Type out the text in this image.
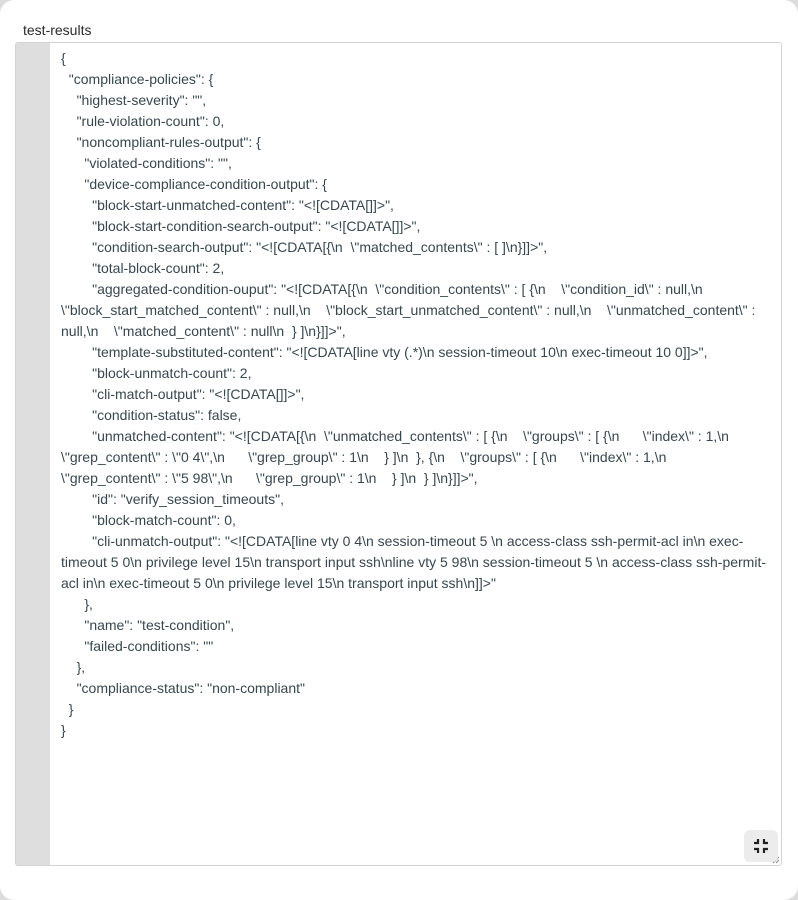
test-results
{
"compliance-policies": {
"highest-severity": "",
"rule-violation-count": 0,
"noncompliant-rules-output": {
"violated-conditions": "",
"device-compliance-condition-output": {
"block-start-unmatched-content": "<![CDATA[]]>",
"block-start-condition-search-output": "<![CDATA[]]>",
"condition-search-output": "<![CDATA[{\n  \"matched_contents\" : [ ]\n}]]>",
"total-block-count": 2,
"aggregated-condition-ouput": "<![CDATA[{\n  \"condition_contents\" : [ {\n    \"condition_id\" : null,\n    \"block_start_matched_content\" : null,\n    \"block_start_unmatched_content\" : null,\n    \"unmatched_content\" : null,\n    \"matched_content\" : null\n  } ]\n}]]>",
"template-substituted-content": "<![CDATA[line vty (.*)\n session-timeout 10\n exec-timeout 10 0]]>",
"block-unmatch-count": 2,
"cli-match-output": "<![CDATA[]]>",
"condition-status": false,
"unmatched-content": "<![CDATA[{\n  \"unmatched_contents\" : [ {\n    \"groups\" : [ {\n      \"index\" : 1,\n      \"grep_content\" : \"0 4\",\n      \"grep_group\" : 1\n    } ]\n  }, {\n    \"groups\" : [ {\n      \"index\" : 1,\n      \"grep_content\" : \"5 98\",\n      \"grep_group\" : 1\n    } ]\n  } ]\n}]]>",
"id": "verify_session_timeouts",
"block-match-count": 0,
"cli-unmatch-output": "<![CDATA[line vty 0 4\n session-timeout 5 \n access-class ssh-permit-acl in\n exec-timeout 5 0\n privilege level 15\n transport input ssh\nline vty 5 98\n session-timeout 5 \n access-class ssh-permit-acl in\n exec-timeout 5 0\n privilege level 15\n transport input ssh\n]]>"
},
"name": "test-condition",
"failed-conditions": ""
},
"compliance-status": "non-compliant"
}
}
